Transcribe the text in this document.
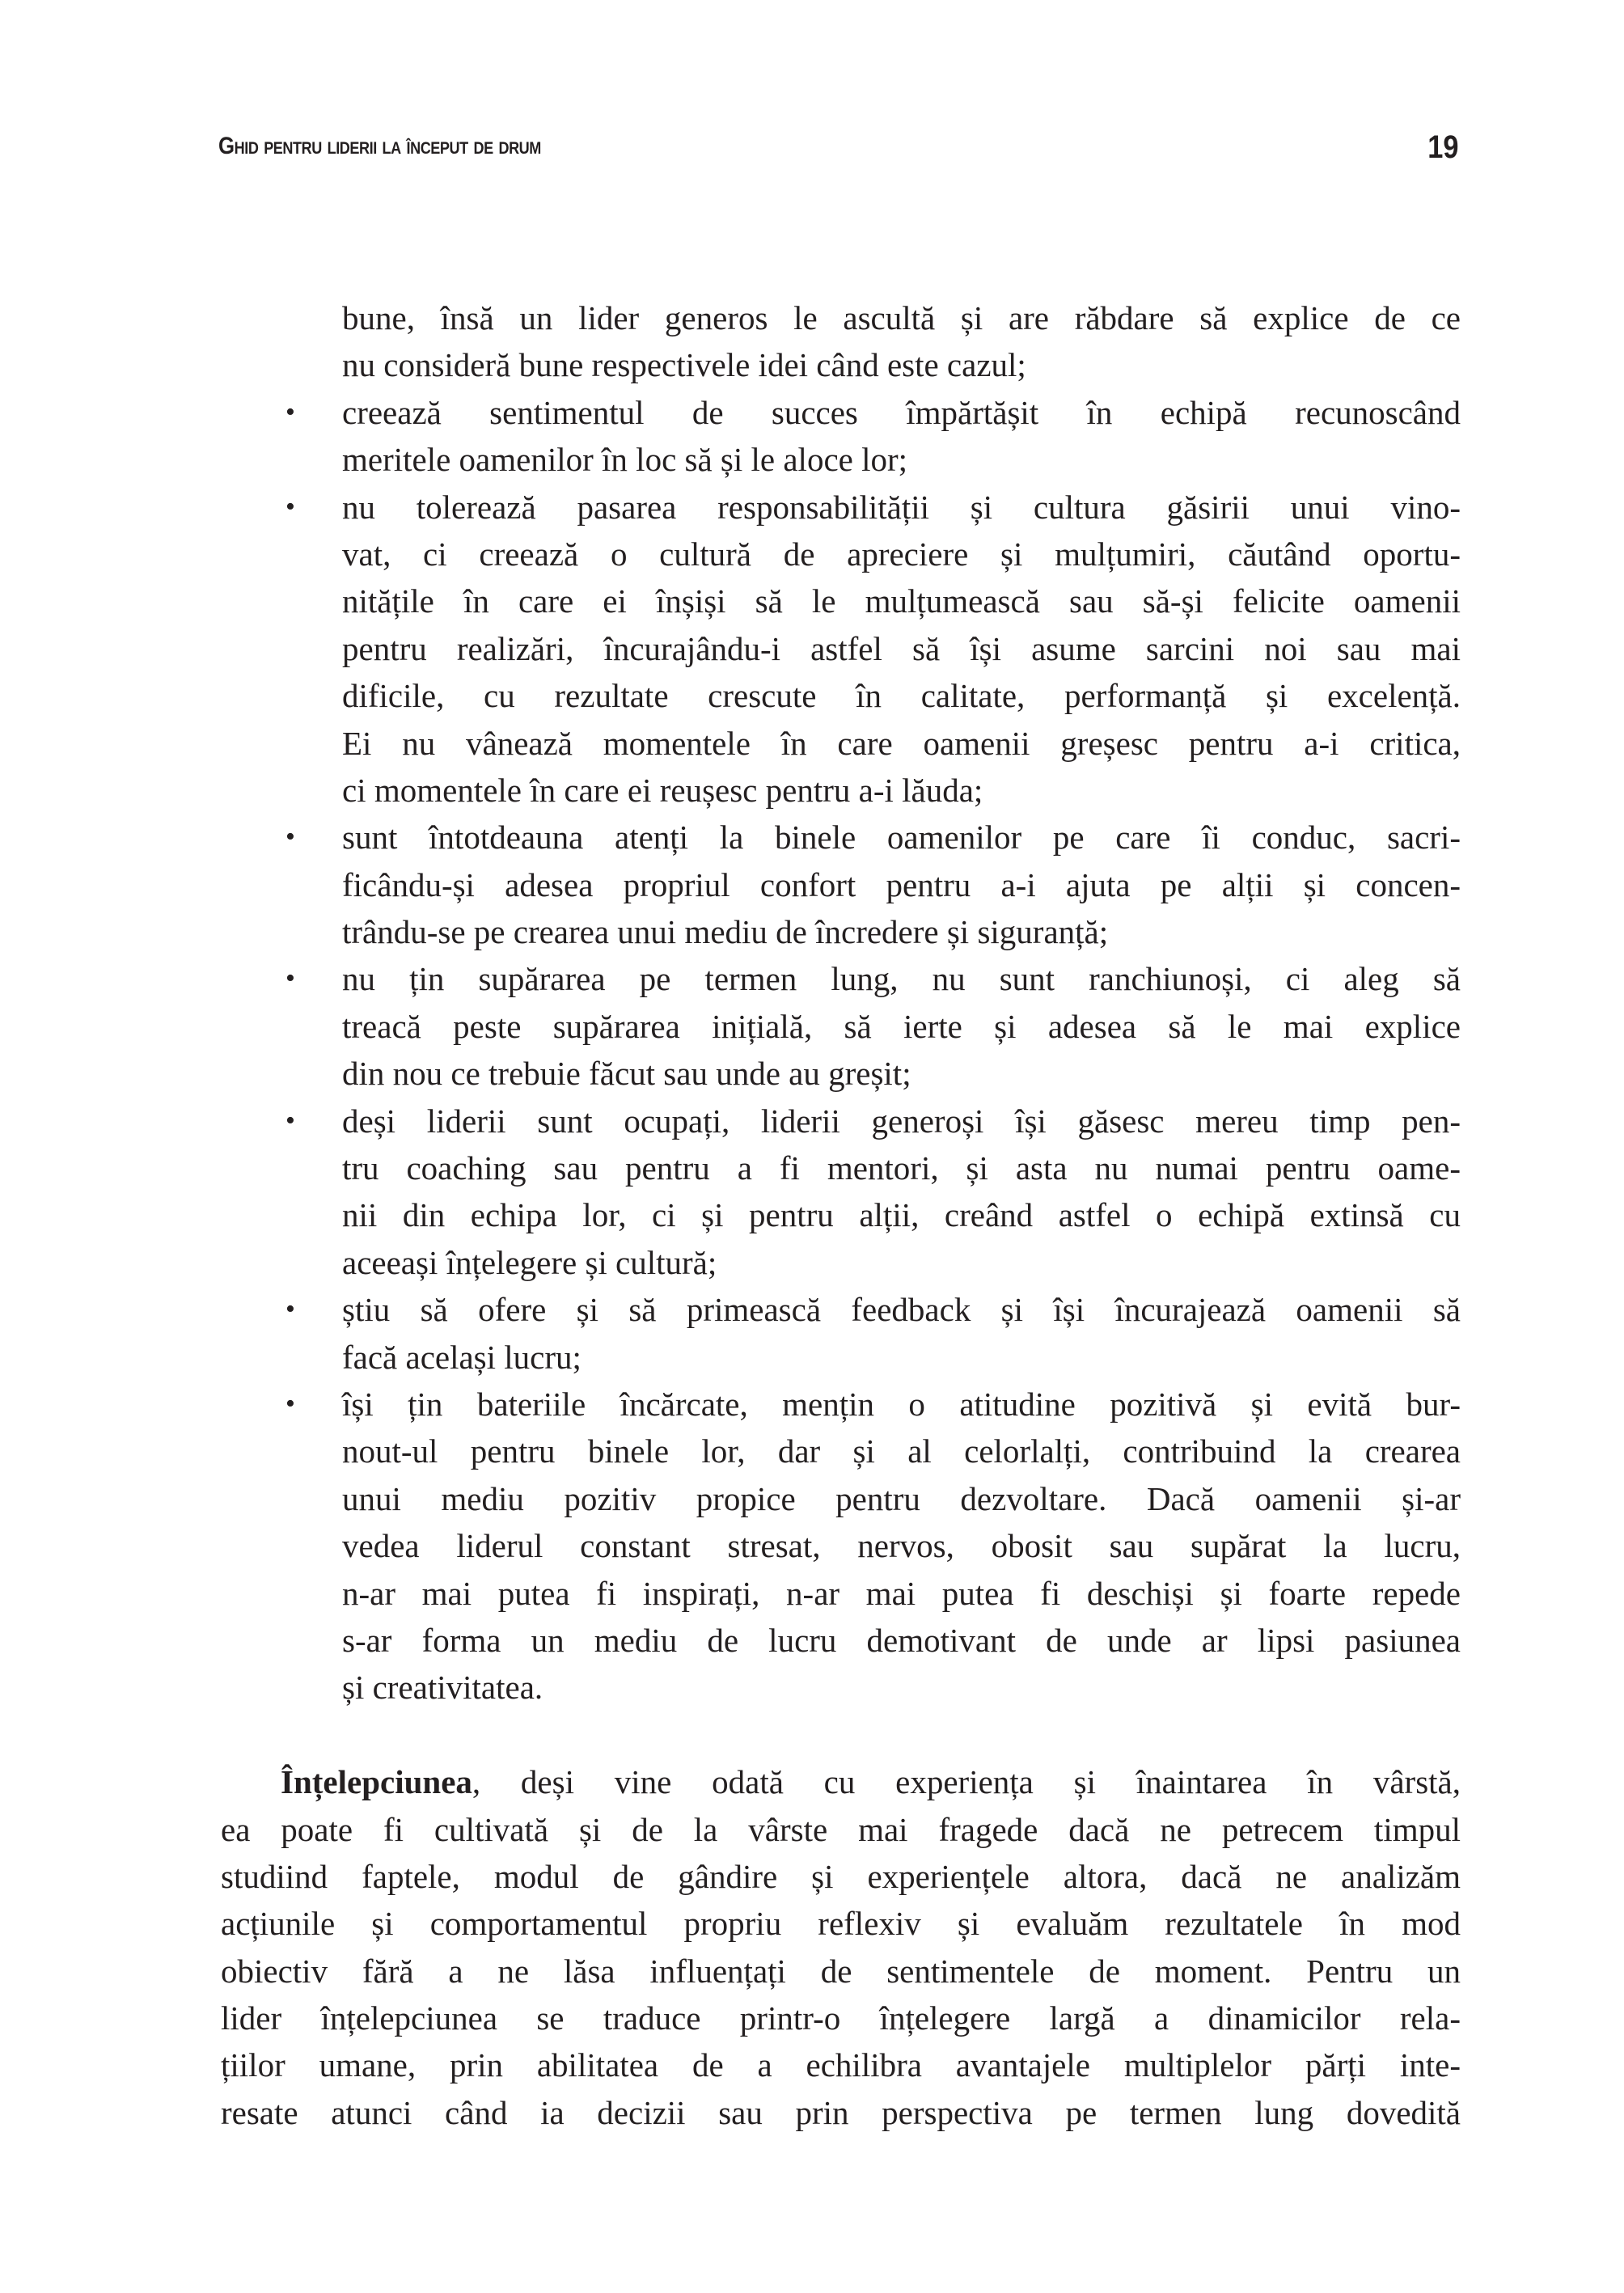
Ghid pentru liderii la început de drum	19
bune, însă un lider generos le ascultă și are răbdare să explice de ce
nu consideră bune respectivele idei când este cazul;
• creează sentimentul de succes împărtășit în echipă recunoscând
meritele oamenilor în loc să și le aloce lor;
• nu tolerează pasarea responsabilității și cultura găsirii unui vino-
vat, ci creează o cultură de apreciere și mulțumiri, căutând oportu-
nitățile în care ei înșiși să le mulțumească sau să-și felicite oamenii
pentru realizări, încurajându-i astfel să își asume sarcini noi sau mai
dificile, cu rezultate crescute în calitate, performanță și excelență.
Ei nu vânează momentele în care oamenii greșesc pentru a-i critica,
ci momentele în care ei reușesc pentru a-i lăuda;
• sunt întotdeauna atenți la binele oamenilor pe care îi conduc, sacri-
ficându-și adesea propriul confort pentru a-i ajuta pe alții și concen-
trându-se pe crearea unui mediu de încredere și siguranță;
• nu țin supărarea pe termen lung, nu sunt ranchiunoși, ci aleg să
treacă peste supărarea inițială, să ierte și adesea să le mai explice
din nou ce trebuie făcut sau unde au greșit;
• deși liderii sunt ocupați, liderii generoși își găsesc mereu timp pen-
tru coaching sau pentru a fi mentori, și asta nu numai pentru oame-
nii din echipa lor, ci și pentru alții, creând astfel o echipă extinsă cu
aceeași înțelegere și cultură;
• știu să ofere și să primească feedback și își încurajează oamenii să
facă același lucru;
• își țin bateriile încărcate, mențin o atitudine pozitivă și evită bur-
nout-ul pentru binele lor, dar și al celorlalți, contribuind la crearea
unui mediu pozitiv propice pentru dezvoltare. Dacă oamenii și-ar
vedea liderul constant stresat, nervos, obosit sau supărat la lucru,
n-ar mai putea fi inspirați, n-ar mai putea fi deschiși și foarte repede
s-ar forma un mediu de lucru demotivant de unde ar lipsi pasiunea
și creativitatea.
Înțelepciunea, deși vine odată cu experiența și înaintarea în vârstă,
ea poate fi cultivată și de la vârste mai fragede dacă ne petrecem timpul
studiind faptele, modul de gândire și experiențele altora, dacă ne analizăm
acțiunile și comportamentul propriu reflexiv și evaluăm rezultatele în mod
obiectiv fără a ne lăsa influențați de sentimentele de moment. Pentru un
lider înțelepciunea se traduce printr-o înțelegere largă a dinamicilor rela-
țiilor umane, prin abilitatea de a echilibra avantajele multiplelor părți inte-
resate atunci când ia decizii sau prin perspectiva pe termen lung dovedită
